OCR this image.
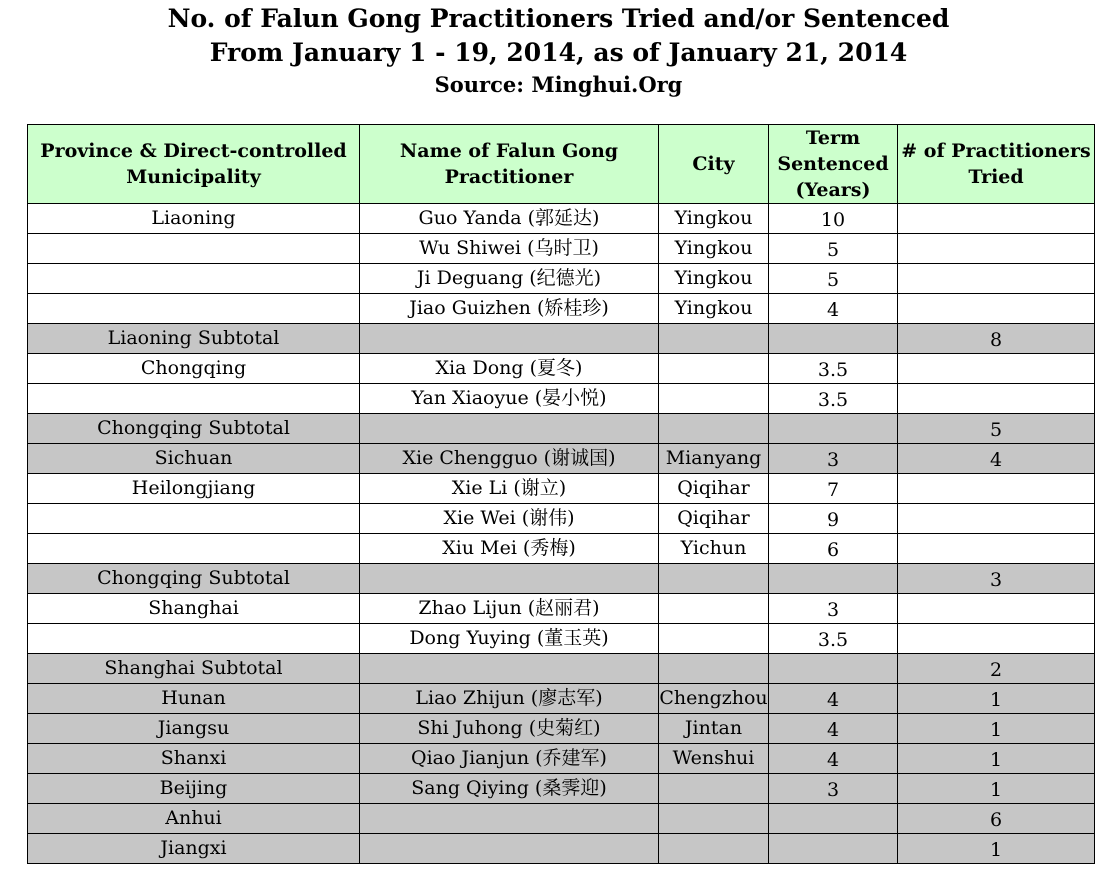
No. of Falun Gong Practitioners Tried and/or Sentenced
From January 1 - 19, 2014, as of January 21, 2014
Source: Minghui.Org
Province & Direct-controlled Municipality	Name of Falun Gong Practitioner	City	Term Sentenced (Years)	# of Practitioners Tried
Liaoning	Guo Yanda (郭延达)	Yingkou	10	
	Wu Shiwei (乌时卫)	Yingkou	5	
	Ji Deguang (纪德光)	Yingkou	5	
	Jiao Guizhen (矫桂珍)	Yingkou	4	
Liaoning Subtotal				8
Chongqing	Xia Dong (夏冬)		3.5	
	Yan Xiaoyue (晏小悦)		3.5	
Chongqing Subtotal				5
Sichuan	Xie Chengguo (谢诚国)	Mianyang	3	4
Heilongjiang	Xie Li (谢立)	Qiqihar	7	
	Xie Wei (谢伟)	Qiqihar	9	
	Xiu Mei (秀梅)	Yichun	6	
Chongqing Subtotal				3
Shanghai	Zhao Lijun (赵丽君)		3	
	Dong Yuying (董玉英)		3.5	
Shanghai Subtotal				2
Hunan	Liao Zhijun (廖志军)	Chengzhou	4	1
Jiangsu	Shi Juhong (史菊红)	Jintan	4	1
Shanxi	Qiao Jianjun (乔建军)	Wenshui	4	1
Beijing	Sang Qiying (桑霁迎)		3	1
Anhui				6
Jiangxi				1
